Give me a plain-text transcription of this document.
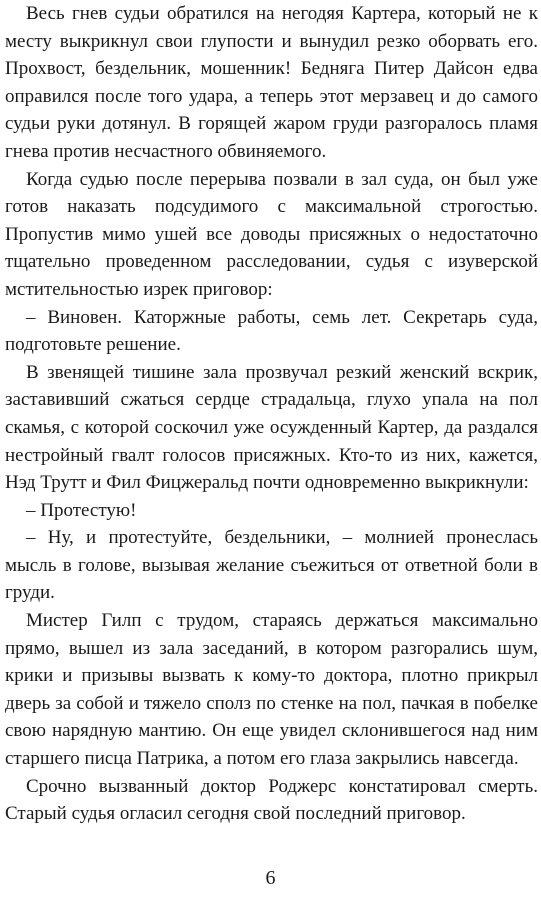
Весь гнев судьи обратился на негодяя Картера, который не к месту выкрикнул свои глупости и вынудил резко оборвать его. Прохвост, бездельник, мошенник! Бедняга Питер Дайсон едва оправился после того удара, а теперь этот мерзавец и до самого судьи руки дотянул. В горящей жаром груди разгоралось пламя гнева против несчастного обвиняемого.

Когда судью после перерыва позвали в зал суда, он был уже готов наказать подсудимого с максимальной строгостью. Пропустив мимо ушей все доводы присяжных о недостаточно тщательно проведенном расследовании, судья с изуверской мстительностью изрек приговор:

– Виновен. Каторжные работы, семь лет. Секретарь суда, подготовьте решение.

В звенящей тишине зала прозвучал резкий женский вскрик, заставивший сжаться сердце страдальца, глухо упала на пол скамья, с которой соскочил уже осужденный Картер, да раздался нестройный гвалт голосов присяжных. Кто-то из них, кажется, Нэд Трутт и Фил Фицжеральд почти одновременно выкрикнули:

– Протестую!

– Ну, и протестуйте, бездельники, – молнией пронеслась мысль в голове, вызывая желание съежиться от ответной боли в груди.

Мистер Гилп с трудом, стараясь держаться максимально прямо, вышел из зала заседаний, в котором разгорались шум, крики и призывы вызвать к кому-то доктора, плотно прикрыл дверь за собой и тяжело сполз по стенке на пол, пачкая в побелке свою нарядную мантию. Он еще увидел склонившегося над ним старшего писца Патрика, а потом его глаза закрылись навсегда.

Срочно вызванный доктор Роджерс констатировал смерть. Старый судья огласил сегодня свой последний приговор.

6
